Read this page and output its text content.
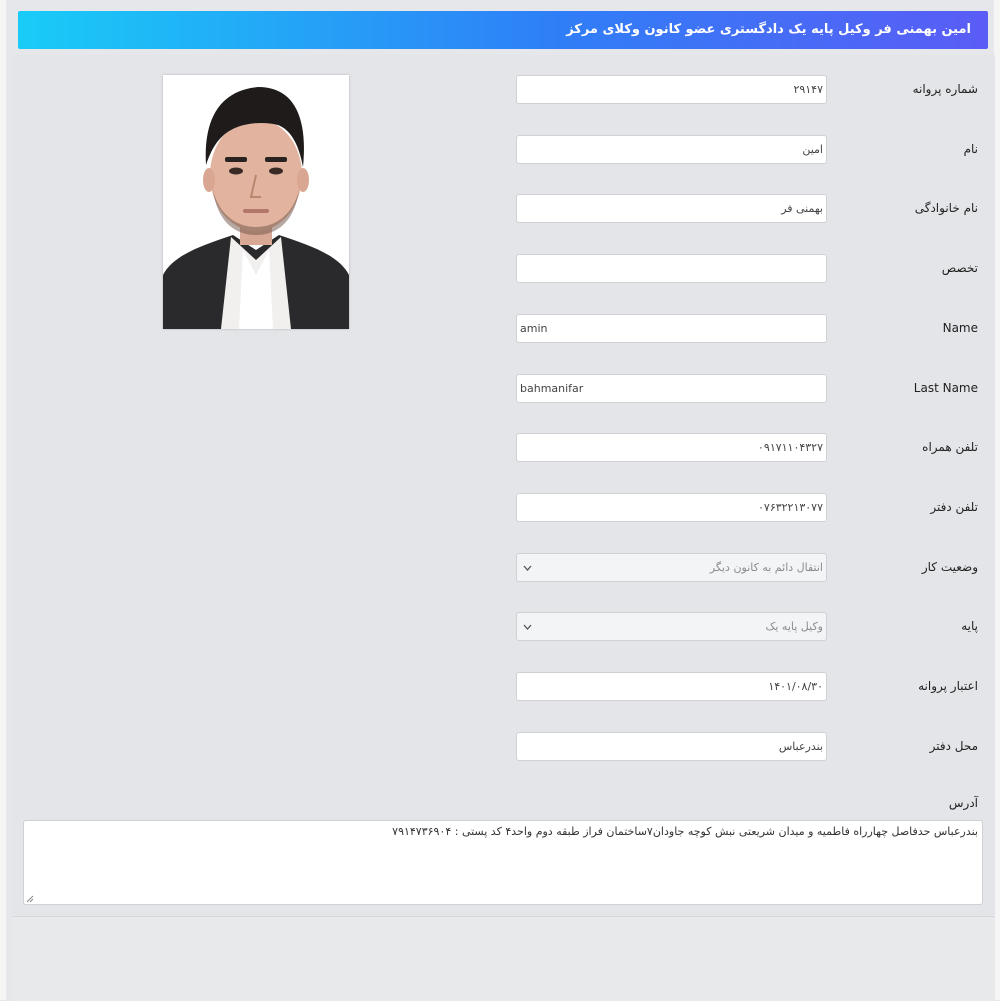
امین بهمنی فر وکیل پایه یک دادگستری عضو کانون وکلای مرکز
شماره پروانه
۲۹۱۴۷
نام
امین
نام خانوادگی
بهمنی فر
تخصص
Name
amin
Last Name
bahmanifar
تلفن همراه
۰۹۱۷۱۱۰۴۳۲۷
تلفن دفتر
۰۷۶۳۲۲۱۳۰۷۷
وضعیت کار
انتقال دائم به کانون دیگر
پایه
وکیل پایه یک
اعتبار پروانه
۱۴۰۱/۰۸/۳۰
محل دفتر
بندرعباس
آدرس
بندرعباس حدفاصل چهارراه فاطمیه و میدان شریعتی نبش کوچه جاودان۷ساختمان فراز طبقه دوم واحد۴ کد پستی : ۷۹۱۴۷۳۶۹۰۴
